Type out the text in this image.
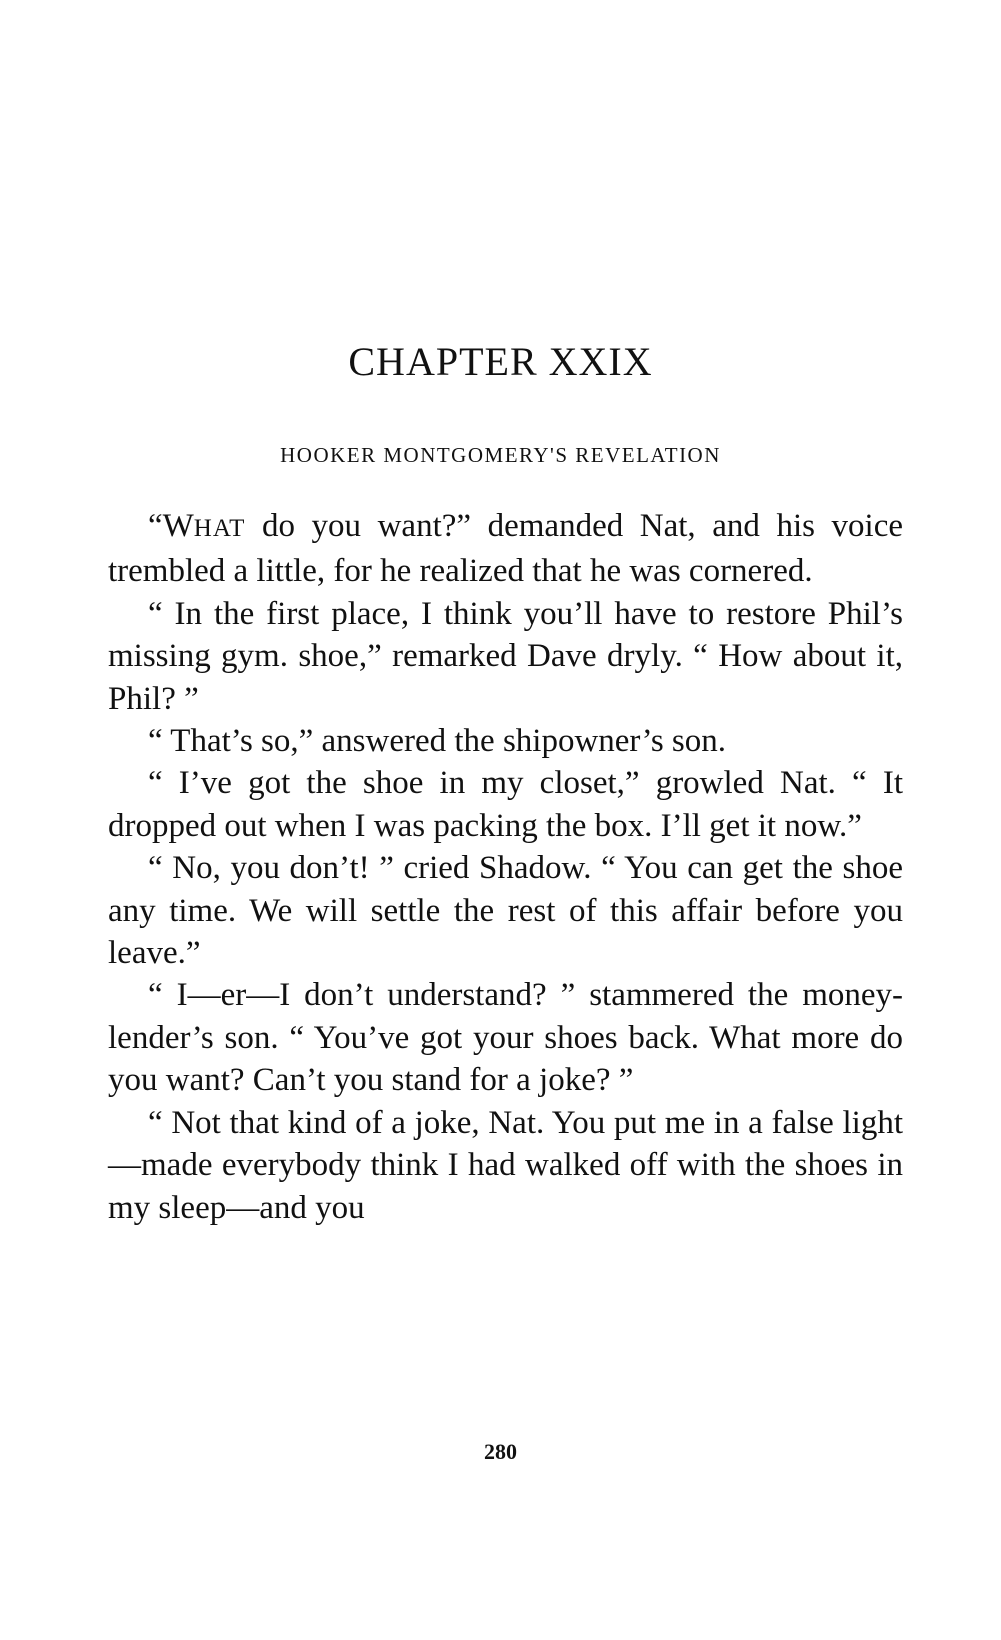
CHAPTER XXIX
HOOKER MONTGOMERY'S REVELATION

“WHAT do you want?” demanded Nat, and his voice trembled a little, for he realized that he was cornered.

“ In the first place, I think you’ll have to restore Phil’s missing gym. shoe,” remarked Dave dryly. “ How about it, Phil? ”

“ That’s so,” answered the shipowner’s son.

“ I’ve got the shoe in my closet,” growled Nat. “ It dropped out when I was packing the box. I’ll get it now.”

“ No, you don’t! ” cried Shadow. “ You can get the shoe any time. We will settle the rest of this affair before you leave.”

“ I—er—I don’t understand? ” stammered the money-lender’s son. “ You’ve got your shoes back. What more do you want? Can’t you stand for a joke? ”

“ Not that kind of a joke, Nat. You put me in a false light—made everybody think I had walked off with the shoes in my sleep—and you

280
